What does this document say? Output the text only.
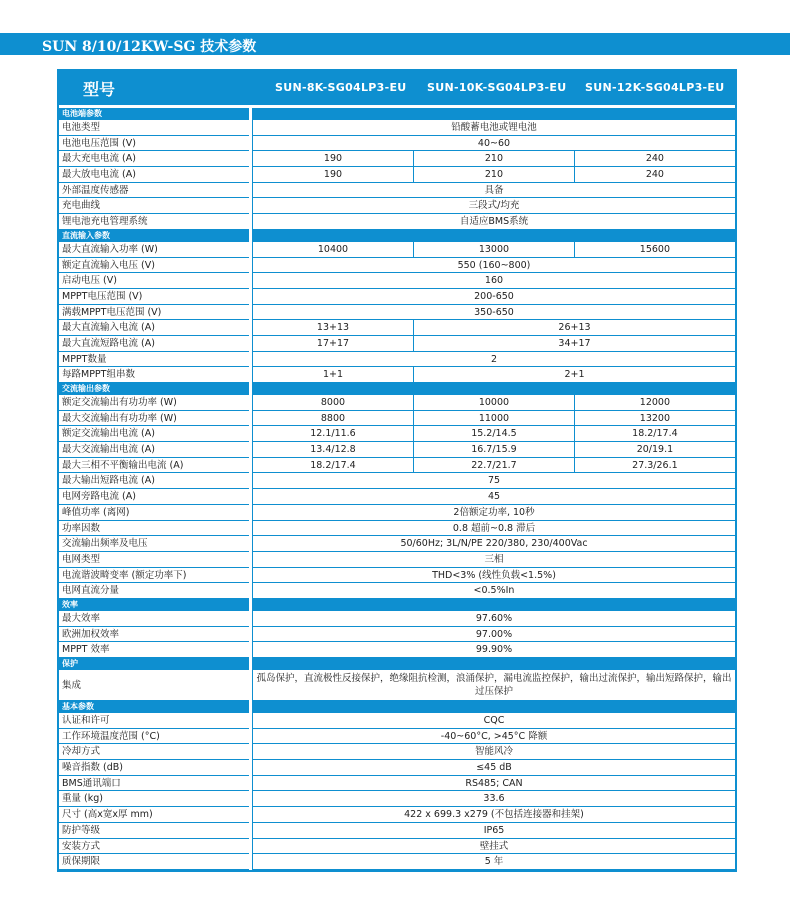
SUN 8/10/12KW-SG 技术参数
型号	SUN-8K-SG04LP3-EU SUN-10K-SG04LP3-EU SUN-12K-SG04LP3-EU
电池端参数
电池类型	铅酸蓄电池或锂电池
电池电压范围 (V)	40~60
最大充电电流 (A)	190	210	240
最大放电电流 (A)	190	210	240
外部温度传感器	具备
充电曲线	三段式/均充
锂电池充电管理系统	自适应BMS系统
直流输入参数
最大直流输入功率 (W)	10400	13000	15600
额定直流输入电压 (V)	550 (160~800)
启动电压 (V)	160
MPPT电压范围 (V)	200-650
满载MPPT电压范围 (V)	350-650
最大直流输入电流 (A)	13+13	26+13
最大直流短路电流 (A)	17+17	34+17
MPPT数量	2
每路MPPT组串数	1+1	2+1
交流输出参数
额定交流输出有功功率 (W)	8000	10000	12000
最大交流输出有功功率 (W)	8800	11000	13200
额定交流输出电流 (A)	12.1/11.6	15.2/14.5	18.2/17.4
最大交流输出电流 (A)	13.4/12.8	16.7/15.9	20/19.1
最大三相不平衡输出电流 (A)	18.2/17.4	22.7/21.7	27.3/26.1
最大输出短路电流 (A)	75
电网旁路电流 (A)	45
峰值功率 (离网)	2倍额定功率, 10秒
功率因数	0.8 超前~0.8 滞后
交流输出频率及电压	50/60Hz; 3L/N/PE 220/380, 230/400Vac
电网类型	三相
电流谐波畸变率 (额定功率下)	THD<3% (线性负载<1.5%)
电网直流分量	<0.5%In
效率
最大效率	97.60%
欧洲加权效率	97.00%
MPPT 效率	99.90%
保护
集成
孤岛保护，直流极性反接保护，绝缘阻抗检测，浪涌保护，漏电流监控保护，输出过流保护，输出短路保护，输出过压保护
基本参数
认证和许可	CQC
工作环境温度范围 (°C)	-40~60°C, >45°C 降额
冷却方式	智能风冷
噪音指数 (dB)	≤45 dB
BMS通讯端口	RS485; CAN
重量 (kg)	33.6
尺寸 (高x宽x厚 mm)	422 x 699.3 x279 (不包括连接器和挂架)
防护等级	IP65
安装方式	壁挂式
质保期限	5 年
